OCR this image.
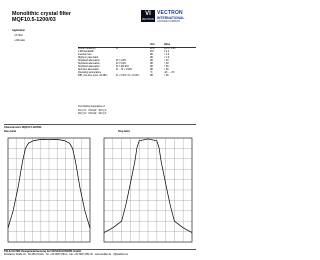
Monolithic crystal filter
MQF10.5-1200/03
VI
VECTRON
VECTRON
INTERNATIONAL
A DOVER COMPANY
Application
• IF filter
• AM radio
		Unit	Value
Center frequency	f0	MHz	10.5 ± 0.01
3 dB bandwidth		kHz	± 2.0
Insertion loss		dB	< 4.0
Ripple in pass band		dB	< 1.0
Stopband attenuation	f0 ± 4 kHz	dB	> 40
Stopband attenuation	f0 ± 5 kHz	dB	> 60
Stopband attenuation	f0 ± 100 kHz	dB	> 80
Spurious attenuation	f0 ... f0 + 1 MHz	dB	> 80
Operating temperature		°C	-20 ... +70
IMD, two-tone input -10 dBm	f0 + 5 kHz, f0 + 10 kHz	dB	> 65
Terminating impedance Z
R1 || C1	Ohm/pF	910 || 0
R2 || C2	Ohm/pF	910 || 0
Characteristics MQF10.5-1200/03
Pass band	Stop band
TELE-FILTER Zweigniederlassung der DOVER EUROPE GmbH
Potsdamer Straße 18 · D-14513 Teltow · Tel. +49 3328 4784-0 · Fax +49 3328 4784-30 · www.telefilter.de · tf@telefilter.de
